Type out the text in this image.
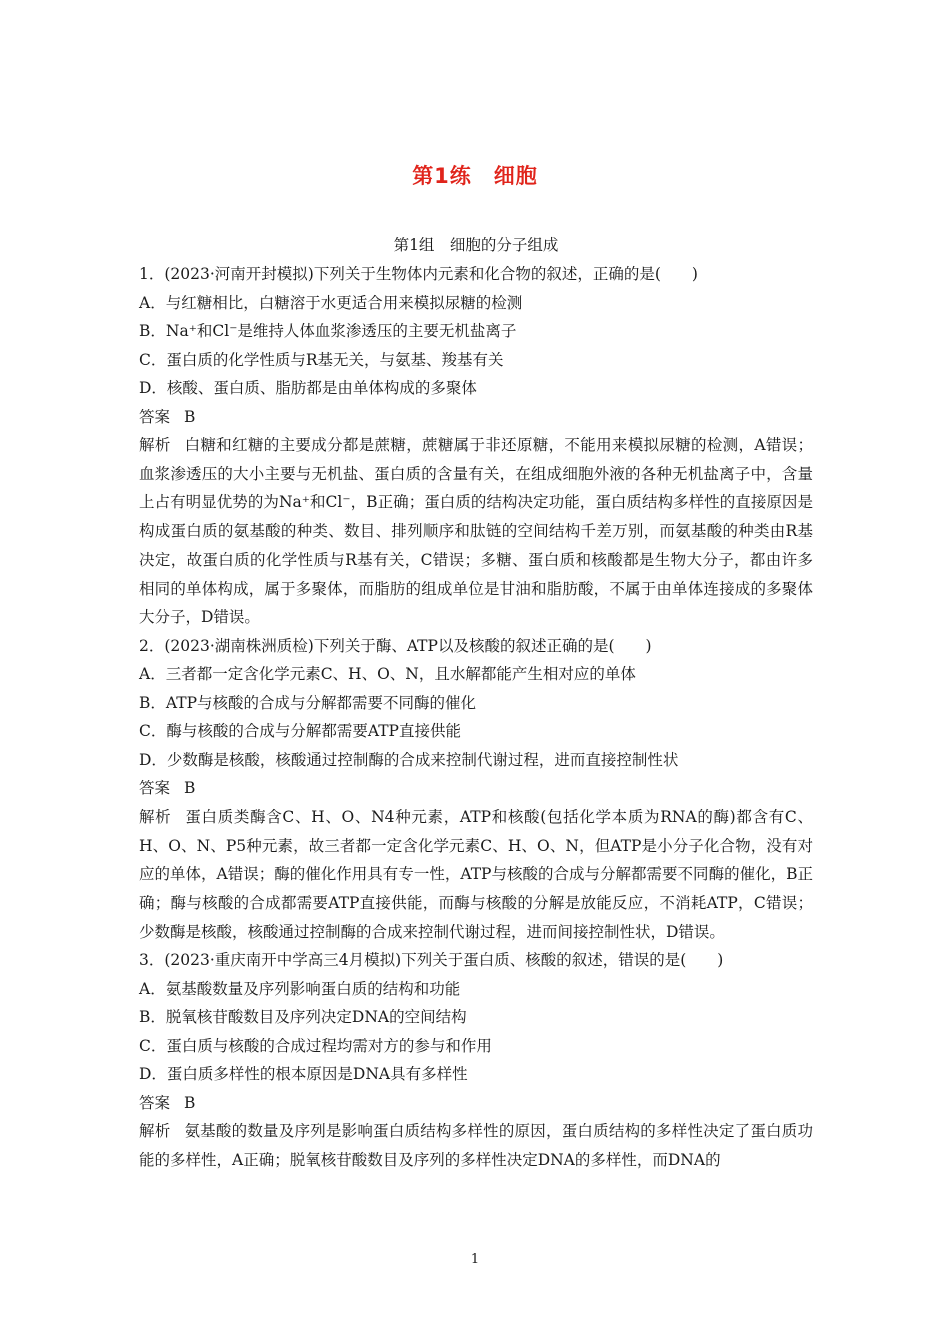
第1练　细胞
第1组　细胞的分子组成
1．(2023·河南开封模拟)下列关于生物体内元素和化合物的叙述，正确的是(　　)
A．与红糖相比，白糖溶于水更适合用来模拟尿糖的检测
B．Na⁺和Cl⁻是维持人体血浆渗透压的主要无机盐离子
C．蛋白质的化学性质与R基无关，与氨基、羧基有关
D．核酸、蛋白质、脂肪都是由单体构成的多聚体
答案 B
解析 白糖和红糖的主要成分都是蔗糖，蔗糖属于非还原糖，不能用来模拟尿糖的检测，A错误；血浆渗透压的大小主要与无机盐、蛋白质的含量有关，在组成细胞外液的各种无机盐离子中，含量上占有明显优势的为Na⁺和Cl⁻，B正确；蛋白质的结构决定功能，蛋白质结构多样性的直接原因是构成蛋白质的氨基酸的种类、数目、排列顺序和肽链的空间结构千差万别，而氨基酸的种类由R基决定，故蛋白质的化学性质与R基有关，C错误；多糖、蛋白质和核酸都是生物大分子，都由许多相同的单体构成，属于多聚体，而脂肪的组成单位是甘油和脂肪酸，不属于由单体连接成的多聚体大分子，D错误。
2．(2023·湖南株洲质检)下列关于酶、ATP以及核酸的叙述正确的是(　　)
A．三者都一定含化学元素C、H、O、N，且水解都能产生相对应的单体
B．ATP与核酸的合成与分解都需要不同酶的催化
C．酶与核酸的合成与分解都需要ATP直接供能
D．少数酶是核酸，核酸通过控制酶的合成来控制代谢过程，进而直接控制性状
答案 B
解析 蛋白质类酶含C、H、O、N4种元素，ATP和核酸(包括化学本质为RNA的酶)都含有C、H、O、N、P5种元素，故三者都一定含化学元素C、H、O、N，但ATP是小分子化合物，没有对应的单体，A错误；酶的催化作用具有专一性，ATP与核酸的合成与分解都需要不同酶的催化，B正确；酶与核酸的合成都需要ATP直接供能，而酶与核酸的分解是放能反应，不消耗ATP，C错误；少数酶是核酸，核酸通过控制酶的合成来控制代谢过程，进而间接控制性状，D错误。
3．(2023·重庆南开中学高三4月模拟)下列关于蛋白质、核酸的叙述，错误的是(　　)
A．氨基酸数量及序列影响蛋白质的结构和功能
B．脱氧核苷酸数目及序列决定DNA的空间结构
C．蛋白质与核酸的合成过程均需对方的参与和作用
D．蛋白质多样性的根本原因是DNA具有多样性
答案 B
解析 氨基酸的数量及序列是影响蛋白质结构多样性的原因，蛋白质结构的多样性决定了蛋白质功能的多样性，A正确；脱氧核苷酸数目及序列的多样性决定DNA的多样性，而DNA的
1
